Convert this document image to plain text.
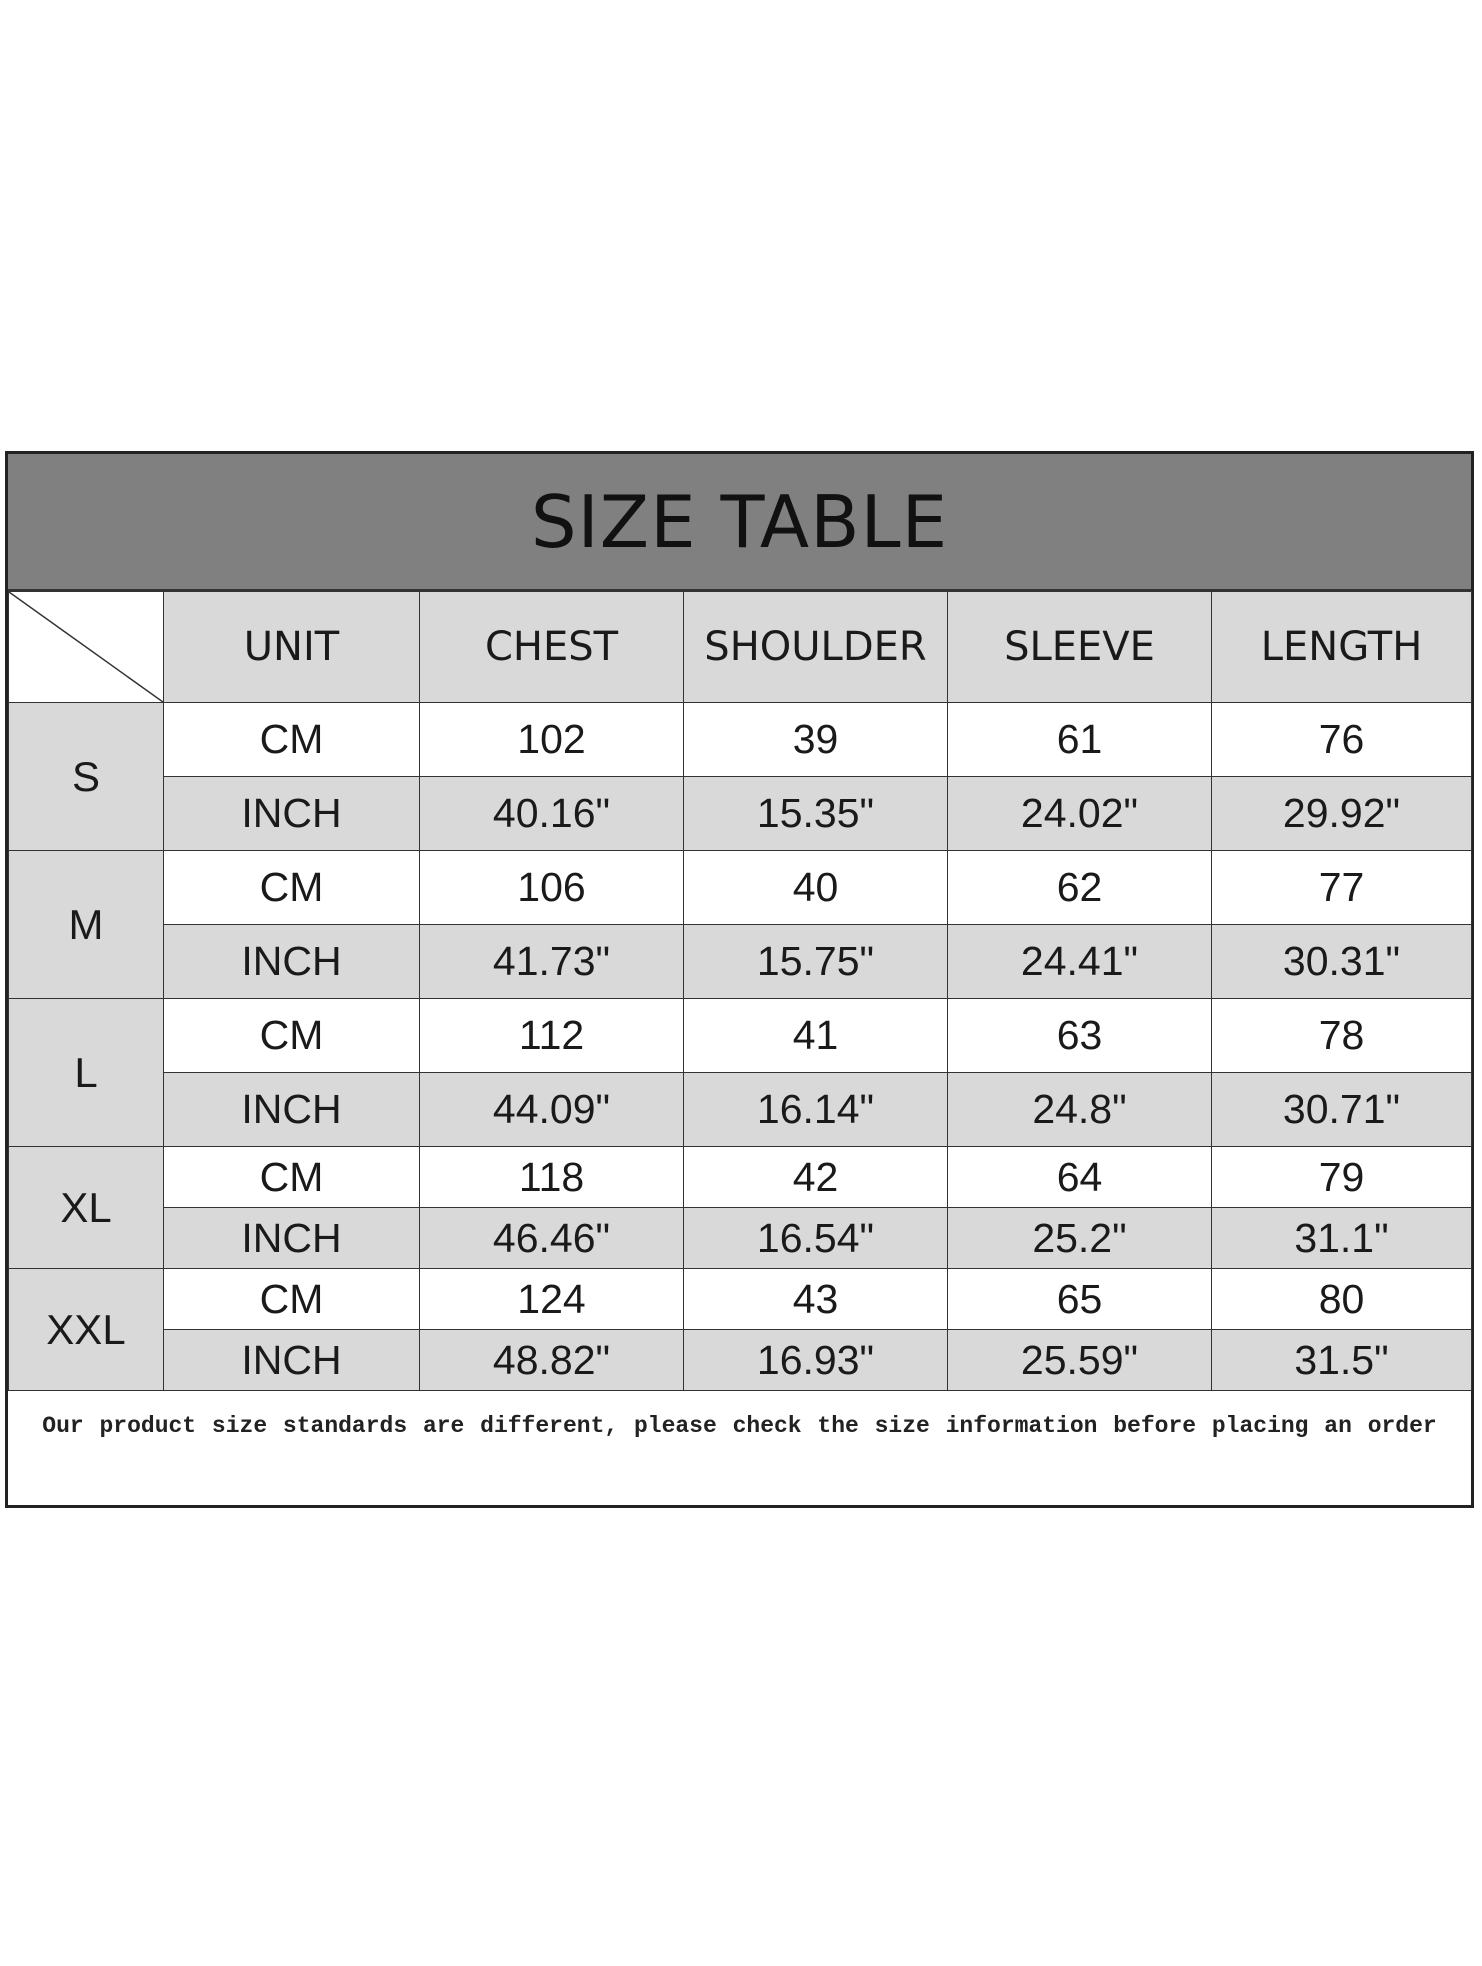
SIZE TABLE
	UNIT	CHEST	SHOULDER	SLEEVE	LENGTH
S	CM	102	39	61	76
	INCH	40.16"	15.35"	24.02"	29.92"
M	CM	106	40	62	77
	INCH	41.73"	15.75"	24.41"	30.31"
L	CM	112	41	63	78
	INCH	44.09"	16.14"	24.8"	30.71"
XL	CM	118	42	64	79
	INCH	46.46"	16.54"	25.2"	31.1"
XXL	CM	124	43	65	80
	INCH	48.82"	16.93"	25.59"	31.5"
Our product size standards are different, please check the size information before placing an order
